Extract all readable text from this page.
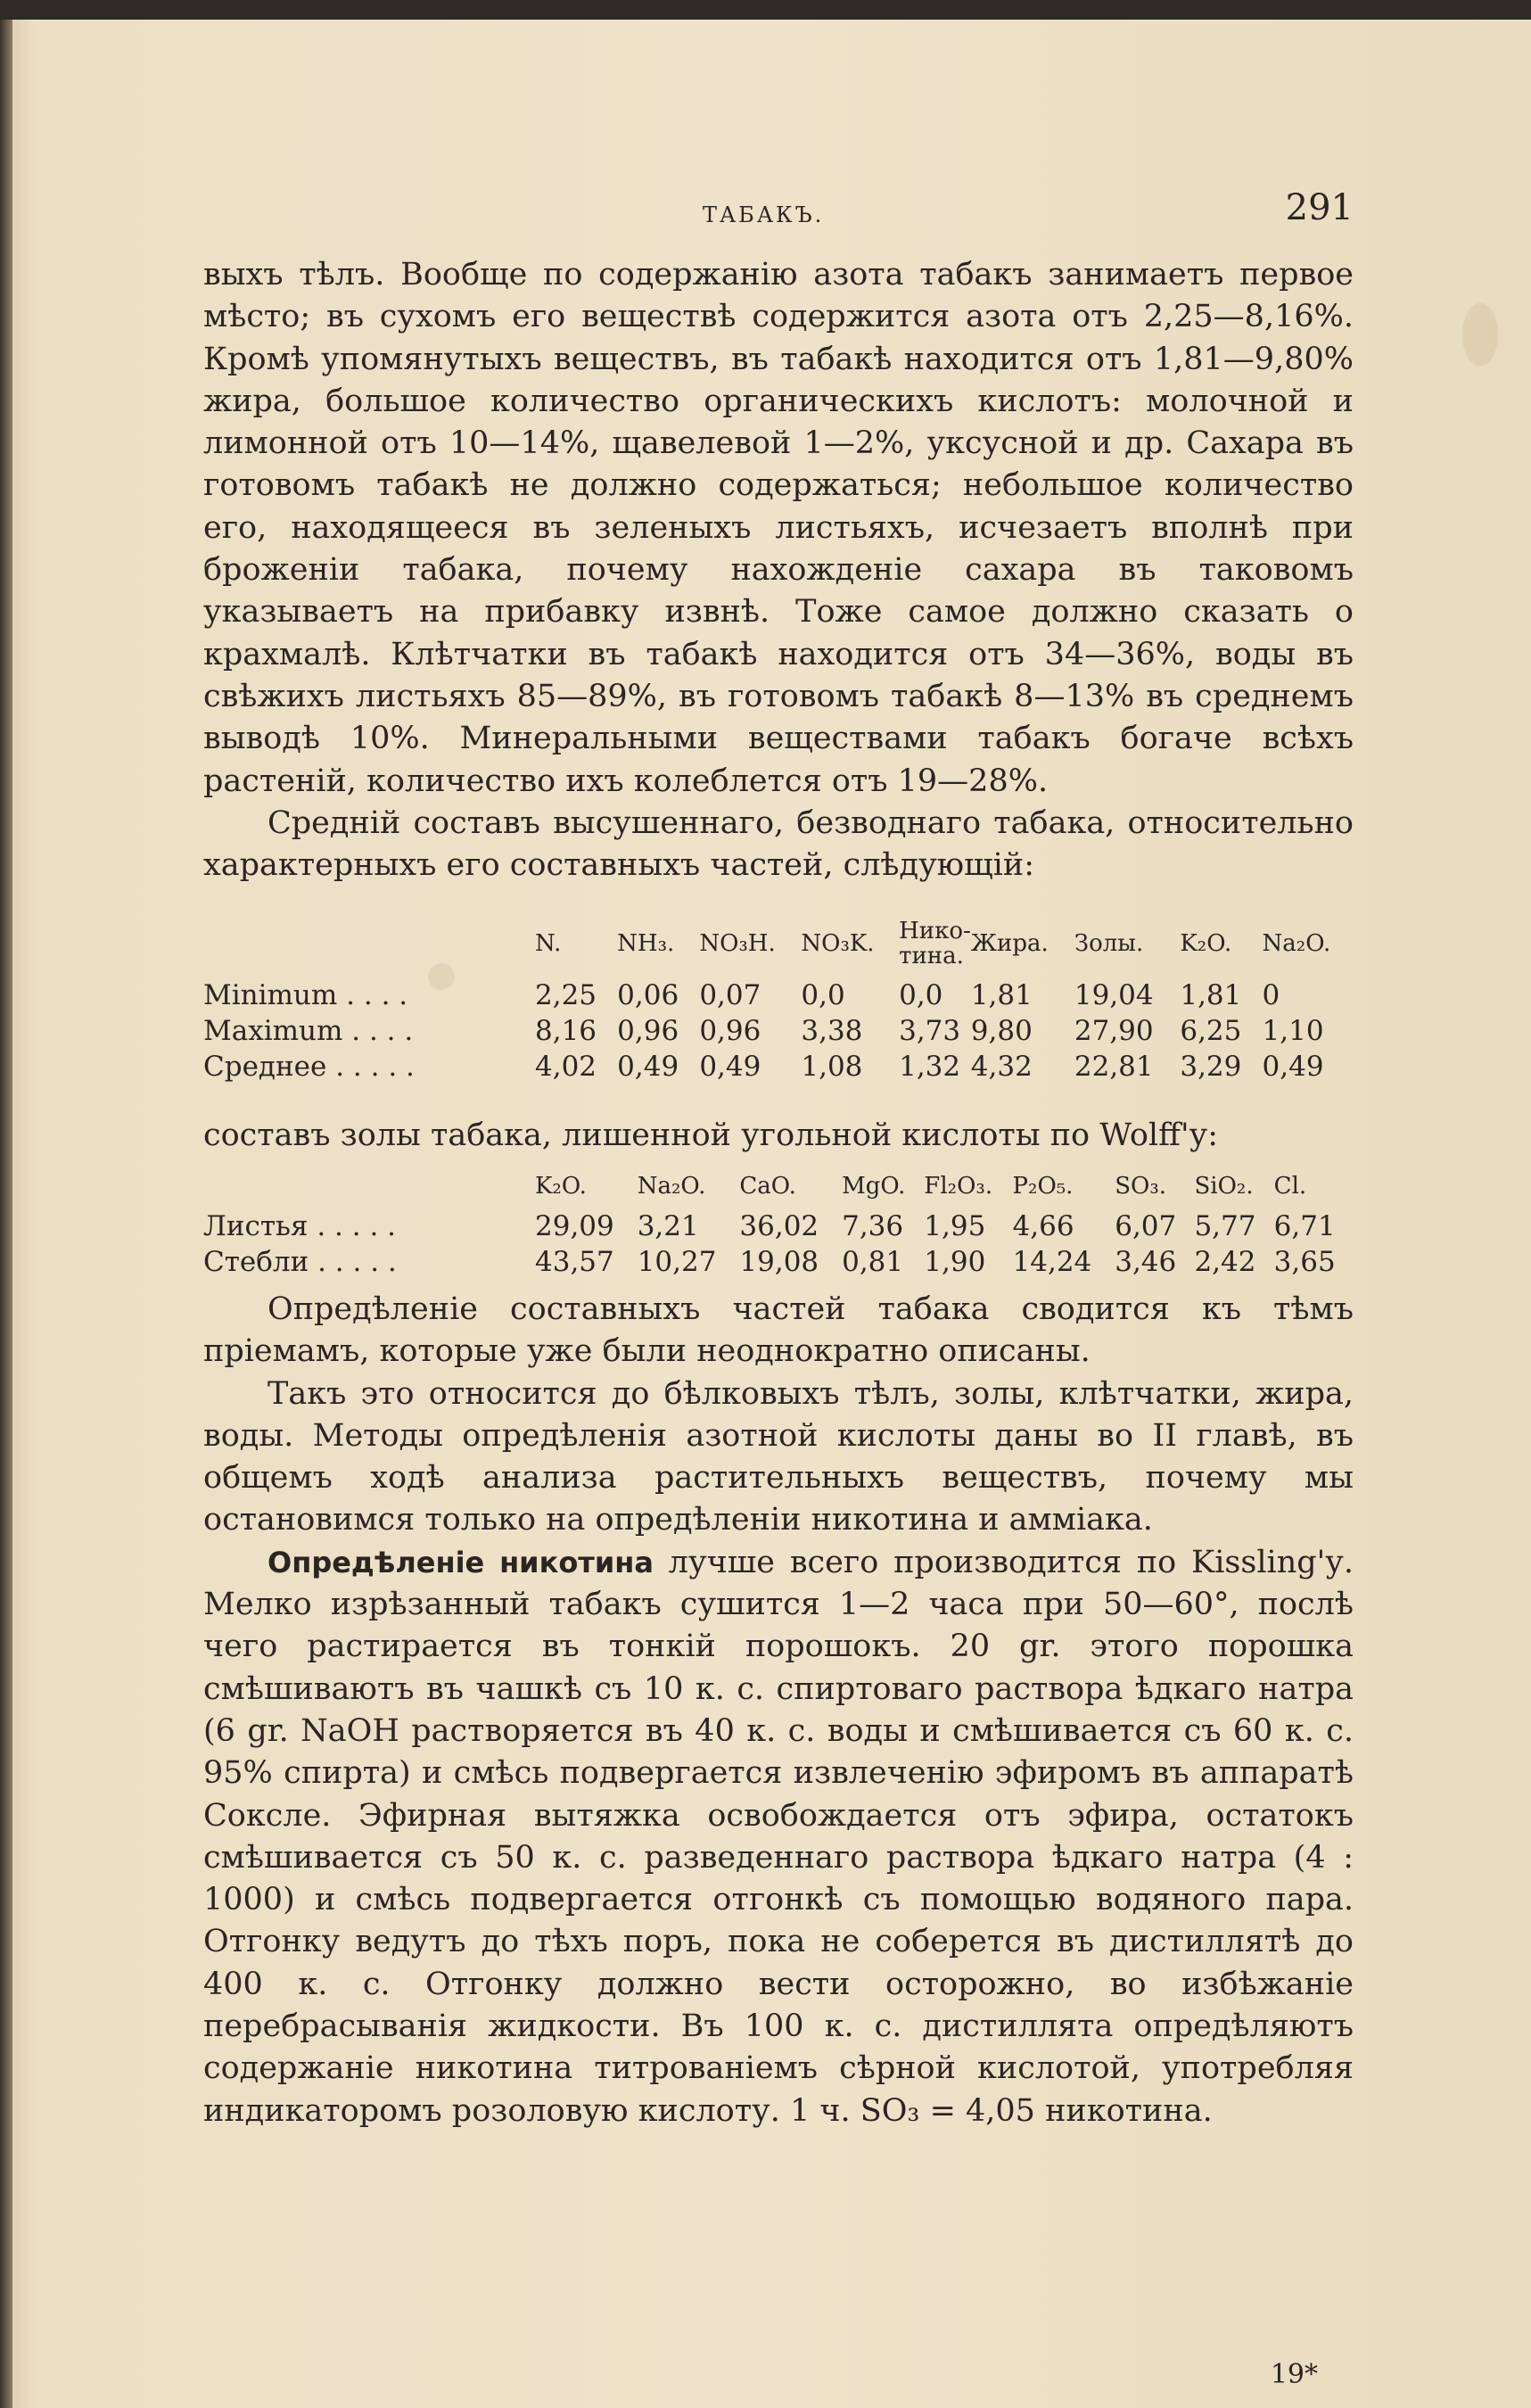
ТАБАКЪ.	291

выхъ тѣлъ. Вообще по содержанію азота табакъ занимаетъ первое мѣсто; въ сухомъ его веществѣ содержится азота отъ 2,25—8,16%. Кромѣ упомянутыхъ веществъ, въ табакѣ находится отъ 1,81—9,80% жира, большое количество органическихъ кислотъ: молочной и лимонной отъ 10—14%, щавелевой 1—2%, уксусной и др. Сахара въ готовомъ табакѣ не должно содержаться; небольшое количество его, находящееся въ зеленыхъ листьяхъ, исчезаетъ вполнѣ при броженіи табака, почему нахожденіе сахара въ таковомъ указываетъ на прибавку извнѣ. Тоже самое должно сказать о крахмалѣ. Клѣтчатки въ табакѣ находится отъ 34—36%, воды въ свѣжихъ листьяхъ 85—89%, въ готовомъ табакѣ 8—13% въ среднемъ выводѣ 10%. Минеральными веществами табакъ богаче всѣхъ растеній, количество ихъ колеблется отъ 19—28%.

Средній составъ высушеннаго, безводнаго табака, относительно характерныхъ его составныхъ частей, слѣдующій:

	N.	NH₃.	NO₃H.	NO₃K.	Нико-тина.	Жира.	Золы.	K₂O.	Na₂O.
Minimum . . . .	2,25	0,06	0,07	0,0	0,0	1,81	19,04	1,81	0
Maximum . . . .	8,16	0,96	0,96	3,38	3,73	9,80	27,90	6,25	1,10
Среднее . . . . .	4,02	0,49	0,49	1,08	1,32	4,32	22,81	3,29	0,49
составъ золы табака, лишенной угольной кислоты по Wolff'у:
	K₂O.	Na₂O.	CaO.	MgO.	Fl₂O₃.	P₂O₅.	SO₃.	SiO₂.	Cl.
Листья . . . . .	29,09	3,21	36,02	7,36	1,95	4,66	6,07	5,77	6,71
Стебли . . . . .	43,57	10,27	19,08	0,81	1,90	14,24	3,46	2,42	3,65

Опредѣленіе составныхъ частей табака сводится къ тѣмъ пріемамъ, которые уже были неоднократно описаны.

Такъ это относится до бѣлковыхъ тѣлъ, золы, клѣтчатки, жира, воды. Методы опредѣленія азотной кислоты даны во II главѣ, въ общемъ ходѣ анализа растительныхъ веществъ, почему мы остановимся только на опредѣленіи никотина и аммiака.

Опредѣленіе никотина лучше всего производится по Kissling'у. Мелко изрѣзанный табакъ сушится 1—2 часа при 50—60°, послѣ чего растирается въ тонкій порошокъ. 20 gr. этого порошка смѣшиваютъ въ чашкѣ съ 10 к. с. спиртоваго раствора ѣдкаго натра (6 gr. NaOH растворяется въ 40 к. с. воды и смѣшивается съ 60 к. с. 95% спирта) и смѣсь подвергается извлеченію эфиромъ въ аппаратѣ Сокслe. Эфирная вытяжка освобождается отъ эфира, остатокъ смѣшивается съ 50 к. с. разведеннаго раствора ѣдкаго натра (4 : 1000) и смѣсь подвергается отгонкѣ съ помощью водяного пара. Отгонку ведутъ до тѣхъ поръ, пока не соберется въ дистиллятѣ до 400 к. с. Отгонку должно вести осторожно, во избѣжаніе перебрасыванія жидкости. Въ 100 к. с. дистиллята опредѣляютъ содержаніе никотина титрованіемъ сѣрной кислотой, употребляя индикаторомъ розоловую кислоту. 1 ч. SO₃ = 4,05 никотина.

19*
